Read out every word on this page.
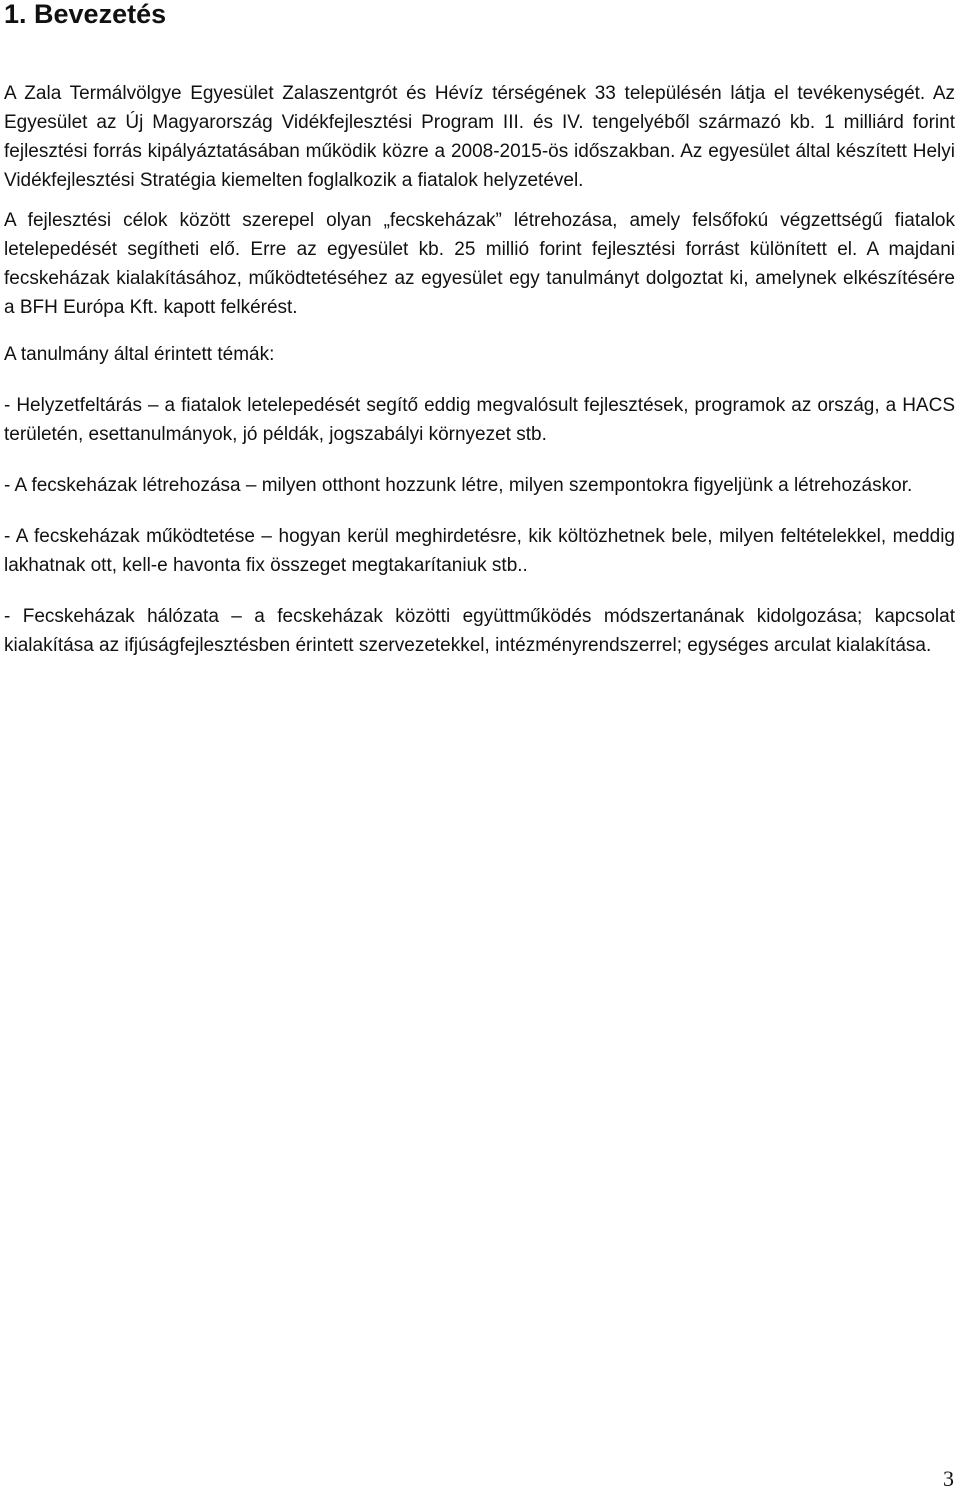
1. Bevezetés

A Zala Termálvölgye Egyesület Zalaszentgrót és Hévíz térségének 33 településén látja el tevékenységét. Az Egyesület az Új Magyarország Vidékfejlesztési Program III. és IV. tengelyéből származó kb. 1 milliárd forint fejlesztési forrás kipályáztatásában működik közre a 2008-2015-ös időszakban. Az egyesület által készített Helyi Vidékfejlesztési Stratégia kiemelten foglalkozik a fiatalok helyzetével.

A fejlesztési célok között szerepel olyan „fecskeházak” létrehozása, amely felsőfokú végzettségű fiatalok letelepedését segítheti elő. Erre az egyesület kb. 25 millió forint fejlesztési forrást különített el. A majdani fecskeházak kialakításához, működtetéséhez az egyesület egy tanulmányt dolgoztat ki, amelynek elkészítésére a BFH Európa Kft. kapott felkérést.

A tanulmány által érintett témák:

- Helyzetfeltárás – a fiatalok letelepedését segítő eddig megvalósult fejlesztések, programok az ország, a HACS területén, esettanulmányok, jó példák, jogszabályi környezet stb.

- A fecskeházak létrehozása – milyen otthont hozzunk létre, milyen szempontokra figyeljünk a létrehozáskor.

- A fecskeházak működtetése – hogyan kerül meghirdetésre, kik költözhetnek bele, milyen feltételekkel, meddig lakhatnak ott, kell-e havonta fix összeget megtakarítaniuk stb..

- Fecskeházak hálózata – a fecskeházak közötti együttműködés módszertanának kidolgozása; kapcsolat kialakítása az ifjúságfejlesztésben érintett szervezetekkel, intézményrendszerrel; egységes arculat kialakítása.

3
